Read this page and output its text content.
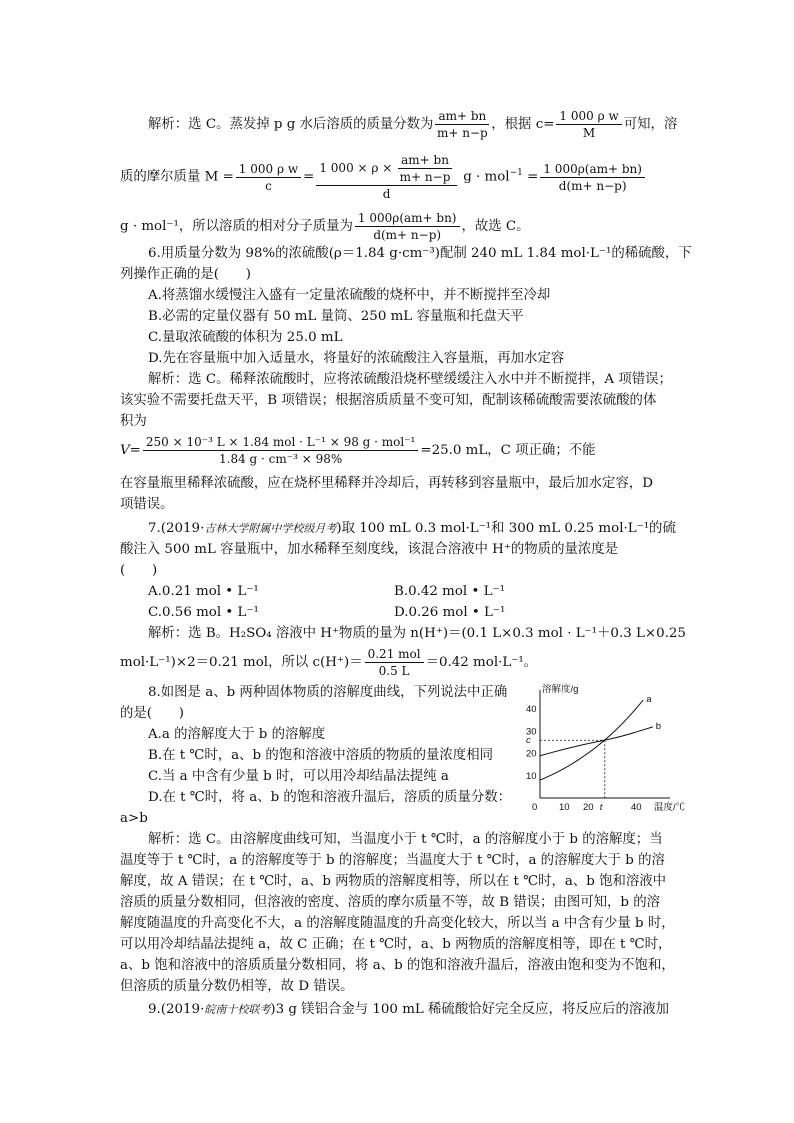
解析：选 C。蒸发掉 p g 水后溶质的质量分数为 $\frac{am+ bn}{m+ n-p}$ ，根据 $c= \frac{\text{1 000 ρ w}}{M}$ 可知，溶
质的摩尔质量 $M = \frac{\text{1 000 ρ w}}{c} = \frac{1 000 \times \rho \times \frac{am+ bn}{m+ n-p}}{d}$ $g \cdot mol^{-1} = \frac{1 000\rho(am+ bn)}{d(m+ n-p)}$
g · mol⁻¹，所以溶质的相对分子质量为 $\frac{1 000\rho(am+ bn)}{d(m+ n-p)}$ ，故选 C。
6.用质量分数为 98%的浓硫酸(ρ＝1.84 g·cm⁻³)配制 240 mL 1.84 mol·L⁻¹的稀硫酸，下
列操作正确的是(　　)
A.将蒸馏水缓慢注入盛有一定量浓硫酸的烧杯中，并不断搅拌至冷却
B.必需的定量仪器有 50 mL 量筒、250 mL 容量瓶和托盘天平
C.量取浓硫酸的体积为 25.0 mL
D.先在容量瓶中加入适量水，将量好的浓硫酸注入容量瓶，再加水定容
解析：选 C。稀释浓硫酸时，应将浓硫酸沿烧杯壁缓缓注入水中并不断搅拌，A 项错误；
该实验不需要托盘天平，B 项错误；根据溶质质量不变可知，配制该稀硫酸需要浓硫酸的体
积为
$V= \frac{\text{250 × 10⁻³ L × 1.84 mol · L⁻¹ × 98 g · mol⁻¹}}{\text{1.84 g · cm⁻³ × 98\%}} =25.0$ mL，C 项正确；不能
在容量瓶里稀释浓硫酸，应在烧杯里稀释并冷却后，再转移到容量瓶中，最后加水定容，D
项错误。
7.(2019·吉林大学附属中学校级月考)取 100 mL 0.3 mol·L⁻¹和 300 mL 0.25 mol·L⁻¹的硫
酸注入 500 mL 容量瓶中，加水稀释至刻度线，该混合溶液中 H⁺的物质的量浓度是
(　　)
A.0.21 mol • L⁻¹	B.0.42 mol • L⁻¹
C.0.56 mol • L⁻¹	D.0.26 mol • L⁻¹
解析：选 B。H₂SO₄ 溶液中 H⁺物质的量为 n(H⁺)＝(0.1 L×0.3 mol · L⁻¹＋0.3 L×0.25
mol·L⁻¹)×2＝0.21 mol，所以 $c(H^+)= \frac{\text{0.21 mol}}{0.5 L} =0.42$ mol·L⁻¹。
8.如图是 a、b 两种固体物质的溶解度曲线，下列说法中正确
的是(　　)
A.a 的溶解度大于 b 的溶解度
B.在 t ℃时，a、b 的饱和溶液中溶质的物质的量浓度相同
C.当 a 中含有少量 b 时，可以用冷却结晶法提纯 a
D.在 t ℃时，将 a、b 的饱和溶液升温后，溶质的质量分数：
a>b
溶解度/g
温度/℃
0 10 20 t	40
10
20
c
30
40
a
b
解析：选 C。由溶解度曲线可知，当温度小于 t ℃时，a 的溶解度小于 b 的溶解度；当
温度等于 t ℃时，a 的溶解度等于 b 的溶解度；当温度大于 t ℃时，a 的溶解度大于 b 的溶
解度，故 A 错误；在 t ℃时，a、b 两物质的溶解度相等，所以在 t ℃时，a、b 饱和溶液中
溶质的质量分数相同，但溶液的密度、溶质的摩尔质量不等，故 B 错误；由图可知，b 的溶
解度随温度的升高变化不大，a 的溶解度随温度的升高变化较大，所以当 a 中含有少量 b 时，
可以用冷却结晶法提纯 a，故 C 正确；在 t ℃时，a、b 两物质的溶解度相等，即在 t ℃时，
a、b 饱和溶液中的溶质质量分数相同，将 a、b 的饱和溶液升温后，溶液由饱和变为不饱和，
但溶质的质量分数仍相等，故 D 错误。
9.(2019·皖南十校联考)3 g 镁铝合金与 100 mL 稀硫酸恰好完全反应，将反应后的溶液加
